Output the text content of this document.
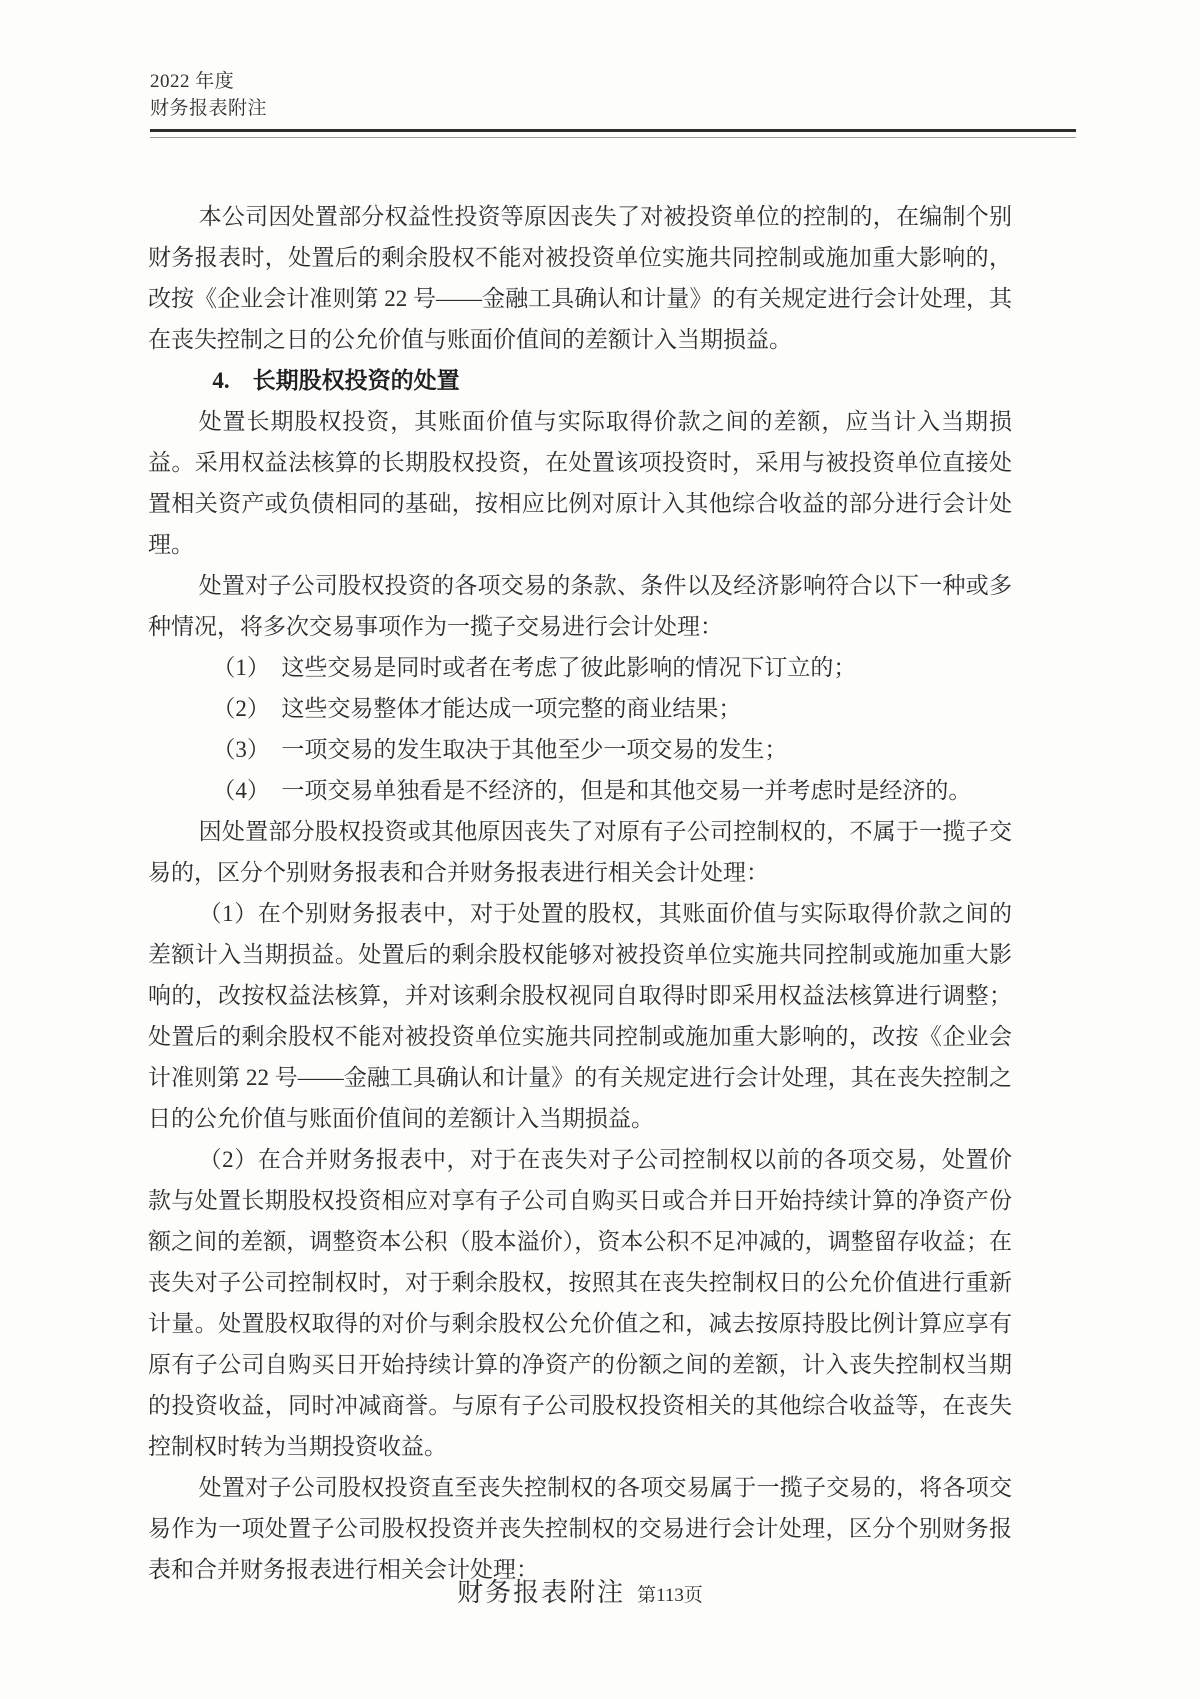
2022 年度
财务报表附注

本公司因处置部分权益性投资等原因丧失了对被投资单位的控制的，在编制个别财务报表时，处置后的剩余股权不能对被投资单位实施共同控制或施加重大影响的，改按《企业会计准则第 22 号——金融工具确认和计量》的有关规定进行会计处理，其在丧失控制之日的公允价值与账面价值间的差额计入当期损益。

4.　长期股权投资的处置

处置长期股权投资，其账面价值与实际取得价款之间的差额，应当计入当期损益。采用权益法核算的长期股权投资，在处置该项投资时，采用与被投资单位直接处置相关资产或负债相同的基础，按相应比例对原计入其他综合收益的部分进行会计处理。

处置对子公司股权投资的各项交易的条款、条件以及经济影响符合以下一种或多种情况，将多次交易事项作为一揽子交易进行会计处理：

（1）　这些交易是同时或者在考虑了彼此影响的情况下订立的；

（2）　这些交易整体才能达成一项完整的商业结果；

（3）　一项交易的发生取决于其他至少一项交易的发生；

（4）　一项交易单独看是不经济的，但是和其他交易一并考虑时是经济的。

因处置部分股权投资或其他原因丧失了对原有子公司控制权的，不属于一揽子交易的，区分个别财务报表和合并财务报表进行相关会计处理：

（1）在个别财务报表中，对于处置的股权，其账面价值与实际取得价款之间的差额计入当期损益。处置后的剩余股权能够对被投资单位实施共同控制或施加重大影响的，改按权益法核算，并对该剩余股权视同自取得时即采用权益法核算进行调整；处置后的剩余股权不能对被投资单位实施共同控制或施加重大影响的，改按《企业会计准则第 22 号——金融工具确认和计量》的有关规定进行会计处理，其在丧失控制之日的公允价值与账面价值间的差额计入当期损益。

（2）在合并财务报表中，对于在丧失对子公司控制权以前的各项交易，处置价款与处置长期股权投资相应对享有子公司自购买日或合并日开始持续计算的净资产份额之间的差额，调整资本公积（股本溢价），资本公积不足冲减的，调整留存收益；在丧失对子公司控制权时，对于剩余股权，按照其在丧失控制权日的公允价值进行重新计量。处置股权取得的对价与剩余股权公允价值之和，减去按原持股比例计算应享有原有子公司自购买日开始持续计算的净资产的份额之间的差额，计入丧失控制权当期的投资收益，同时冲减商誉。与原有子公司股权投资相关的其他综合收益等，在丧失控制权时转为当期投资收益。

处置对子公司股权投资直至丧失控制权的各项交易属于一揽子交易的，将各项交易作为一项处置子公司股权投资并丧失控制权的交易进行会计处理，区分个别财务报表和合并财务报表进行相关会计处理：

财务报表附注 第113页
